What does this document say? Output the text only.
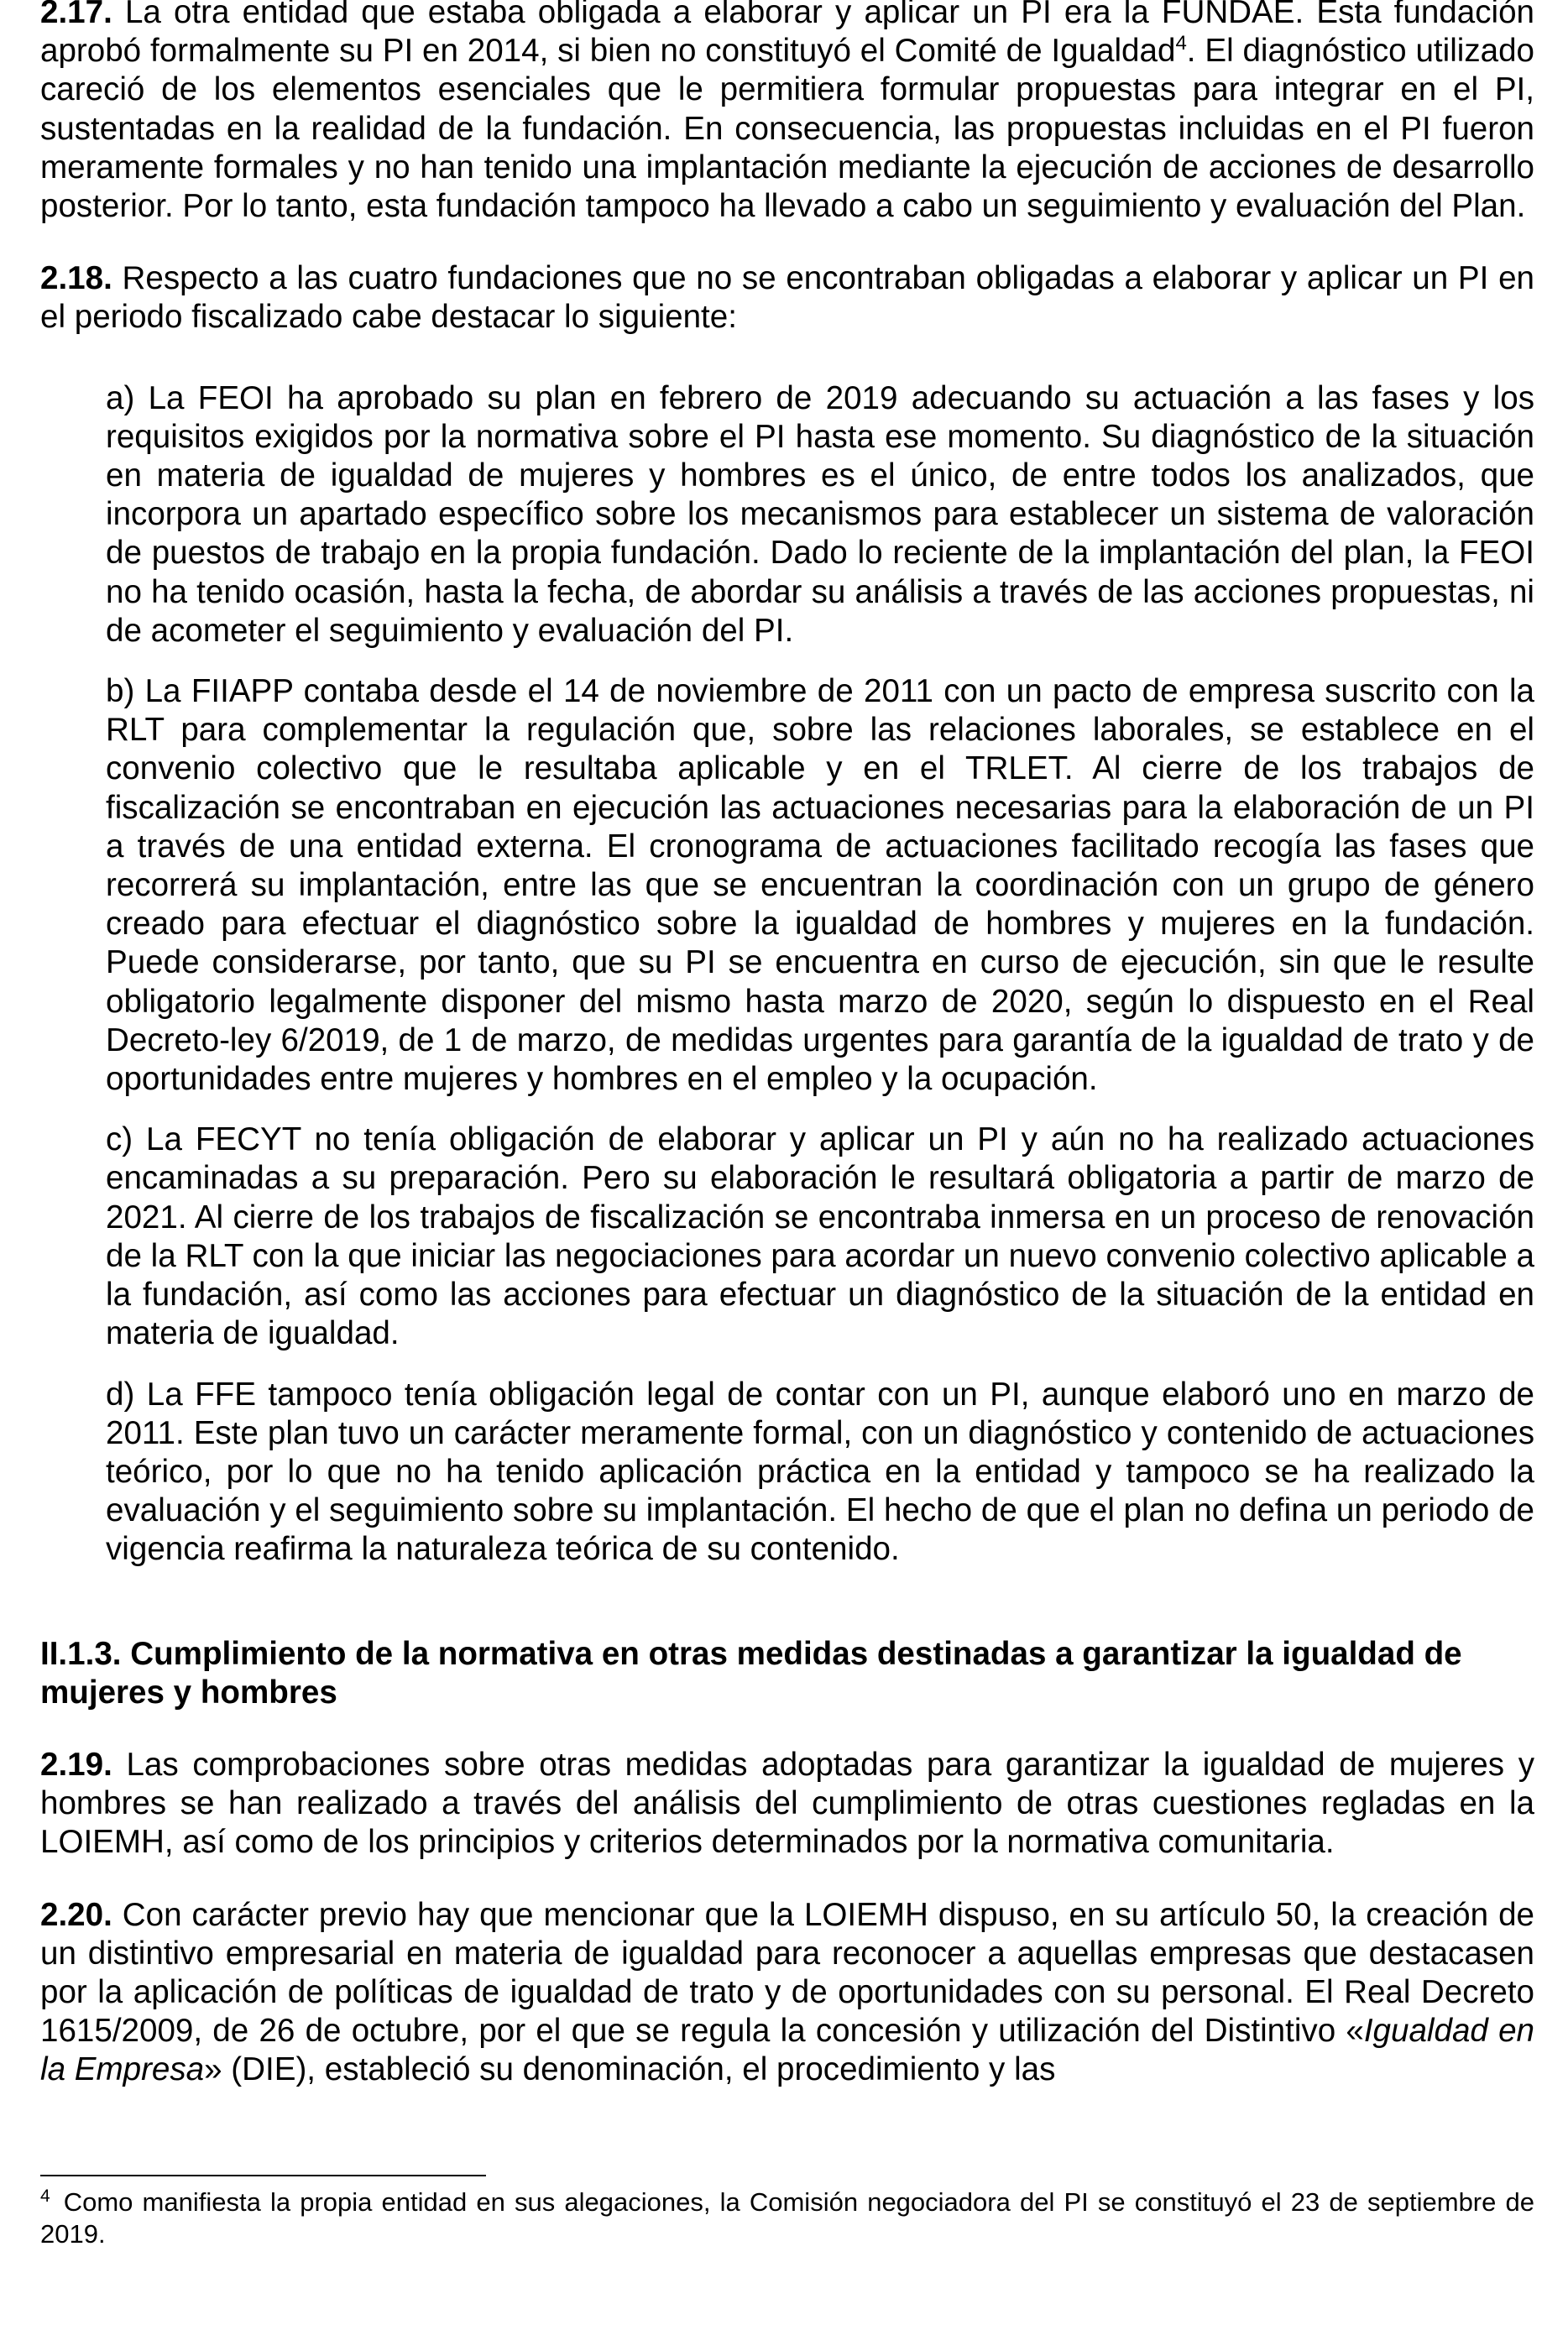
2.17. La otra entidad que estaba obligada a elaborar y aplicar un PI era la FUNDAE. Esta fundación aprobó formalmente su PI en 2014, si bien no constituyó el Comité de Igualdad$^4$. El diagnóstico utilizado careció de los elementos esenciales que le permitiera formular propuestas para integrar en el PI, sustentadas en la realidad de la fundación. En consecuencia, las propuestas incluidas en el PI fueron meramente formales y no han tenido una implantación mediante la ejecución de acciones de desarrollo posterior. Por lo tanto, esta fundación tampoco ha llevado a cabo un seguimiento y evaluación del Plan.

2.18. Respecto a las cuatro fundaciones que no se encontraban obligadas a elaborar y aplicar un PI en el periodo fiscalizado cabe destacar lo siguiente:

a) La FEOI ha aprobado su plan en febrero de 2019 adecuando su actuación a las fases y los requisitos exigidos por la normativa sobre el PI hasta ese momento. Su diagnóstico de la situación en materia de igualdad de mujeres y hombres es el único, de entre todos los analizados, que incorpora un apartado específico sobre los mecanismos para establecer un sistema de valoración de puestos de trabajo en la propia fundación. Dado lo reciente de la implantación del plan, la FEOI no ha tenido ocasión, hasta la fecha, de abordar su análisis a través de las acciones propuestas, ni de acometer el seguimiento y evaluación del PI.

b) La FIIAPP contaba desde el 14 de noviembre de 2011 con un pacto de empresa suscrito con la RLT para complementar la regulación que, sobre las relaciones laborales, se establece en el convenio colectivo que le resultaba aplicable y en el TRLET. Al cierre de los trabajos de fiscalización se encontraban en ejecución las actuaciones necesarias para la elaboración de un PI a través de una entidad externa. El cronograma de actuaciones facilitado recogía las fases que recorrerá su implantación, entre las que se encuentran la coordinación con un grupo de género creado para efectuar el diagnóstico sobre la igualdad de hombres y mujeres en la fundación. Puede considerarse, por tanto, que su PI se encuentra en curso de ejecución, sin que le resulte obligatorio legalmente disponer del mismo hasta marzo de 2020, según lo dispuesto en el Real Decreto-ley 6/2019, de 1 de marzo, de medidas urgentes para garantía de la igualdad de trato y de oportunidades entre mujeres y hombres en el empleo y la ocupación.

c) La FECYT no tenía obligación de elaborar y aplicar un PI y aún no ha realizado actuaciones encaminadas a su preparación. Pero su elaboración le resultará obligatoria a partir de marzo de 2021. Al cierre de los trabajos de fiscalización se encontraba inmersa en un proceso de renovación de la RLT con la que iniciar las negociaciones para acordar un nuevo convenio colectivo aplicable a la fundación, así como las acciones para efectuar un diagnóstico de la situación de la entidad en materia de igualdad.

d) La FFE tampoco tenía obligación legal de contar con un PI, aunque elaboró uno en marzo de 2011. Este plan tuvo un carácter meramente formal, con un diagnóstico y contenido de actuaciones teórico, por lo que no ha tenido aplicación práctica en la entidad y tampoco se ha realizado la evaluación y el seguimiento sobre su implantación. El hecho de que el plan no defina un periodo de vigencia reafirma la naturaleza teórica de su contenido.

II.1.3. Cumplimiento de la normativa en otras medidas destinadas a garantizar la igualdad de mujeres y hombres

2.19. Las comprobaciones sobre otras medidas adoptadas para garantizar la igualdad de mujeres y hombres se han realizado a través del análisis del cumplimiento de otras cuestiones regladas en la LOIEMH, así como de los principios y criterios determinados por la normativa comunitaria.

2.20. Con carácter previo hay que mencionar que la LOIEMH dispuso, en su artículo 50, la creación de un distintivo empresarial en materia de igualdad para reconocer a aquellas empresas que destacasen por la aplicación de políticas de igualdad de trato y de oportunidades con su personal. El Real Decreto 1615/2009, de 26 de octubre, por el que se regula la concesión y utilización del Distintivo «Igualdad en la Empresa» (DIE), estableció su denominación, el procedimiento y las

$^4$ Como manifiesta la propia entidad en sus alegaciones, la Comisión negociadora del PI se constituyó el 23 de septiembre de 2019.
